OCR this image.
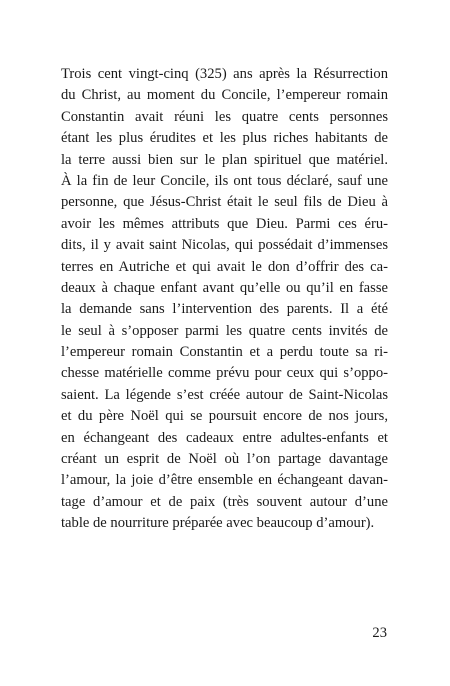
Trois cent vingt-cinq (325) ans après la Résurrection
du Christ, au moment du Concile, l’empereur romain
Constantin avait réuni les quatre cents personnes
étant les plus érudites et les plus riches habitants de
la terre aussi bien sur le plan spirituel que matériel.
À la fin de leur Concile, ils ont tous déclaré, sauf une
personne, que Jésus-Christ était le seul fils de Dieu à
avoir les mêmes attributs que Dieu. Parmi ces éru-
dits, il y avait saint Nicolas, qui possédait d’immenses
terres en Autriche et qui avait le don d’offrir des ca-
deaux à chaque enfant avant qu’elle ou qu’il en fasse
la demande sans l’intervention des parents. Il a été
le seul à s’opposer parmi les quatre cents invités de
l’empereur romain Constantin et a perdu toute sa ri-
chesse matérielle comme prévu pour ceux qui s’oppo-
saient. La légende s’est créée autour de Saint-Nicolas
et du père Noël qui se poursuit encore de nos jours,
en échangeant des cadeaux entre adultes-enfants et
créant un esprit de Noël où l’on partage davantage
l’amour, la joie d’être ensemble en échangeant davan-
tage d’amour et de paix (très souvent autour d’une
table de nourriture préparée avec beaucoup d’amour).
23
